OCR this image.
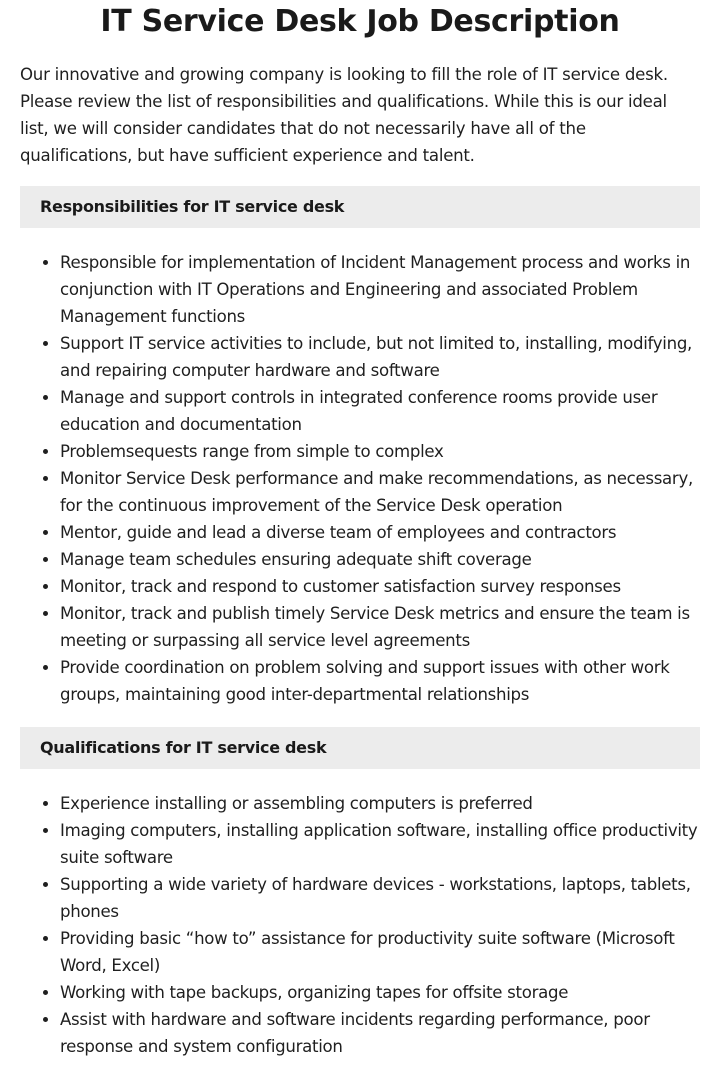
IT Service Desk Job Description

Our innovative and growing company is looking to fill the role of IT service desk. Please review the list of responsibilities and qualifications. While this is our ideal list, we will consider candidates that do not necessarily have all of the qualifications, but have sufficient experience and talent.

Responsibilities for IT service desk
• Responsible for implementation of Incident Management process and works in conjunction with IT Operations and Engineering and associated Problem Management functions
• Support IT service activities to include, but not limited to, installing, modifying, and repairing computer hardware and software
• Manage and support controls in integrated conference rooms provide user education and documentation
• Problemsequests range from simple to complex
• Monitor Service Desk performance and make recommendations, as necessary, for the continuous improvement of the Service Desk operation
• Mentor, guide and lead a diverse team of employees and contractors
• Manage team schedules ensuring adequate shift coverage
• Monitor, track and respond to customer satisfaction survey responses
• Monitor, track and publish timely Service Desk metrics and ensure the team is meeting or surpassing all service level agreements
• Provide coordination on problem solving and support issues with other work groups, maintaining good inter-departmental relationships
Qualifications for IT service desk
• Experience installing or assembling computers is preferred
• Imaging computers, installing application software, installing office productivity suite software
• Supporting a wide variety of hardware devices - workstations, laptops, tablets, phones
• Providing basic “how to” assistance for productivity suite software (Microsoft Word, Excel)
• Working with tape backups, organizing tapes for offsite storage
• Assist with hardware and software incidents regarding performance, poor response and system configuration
